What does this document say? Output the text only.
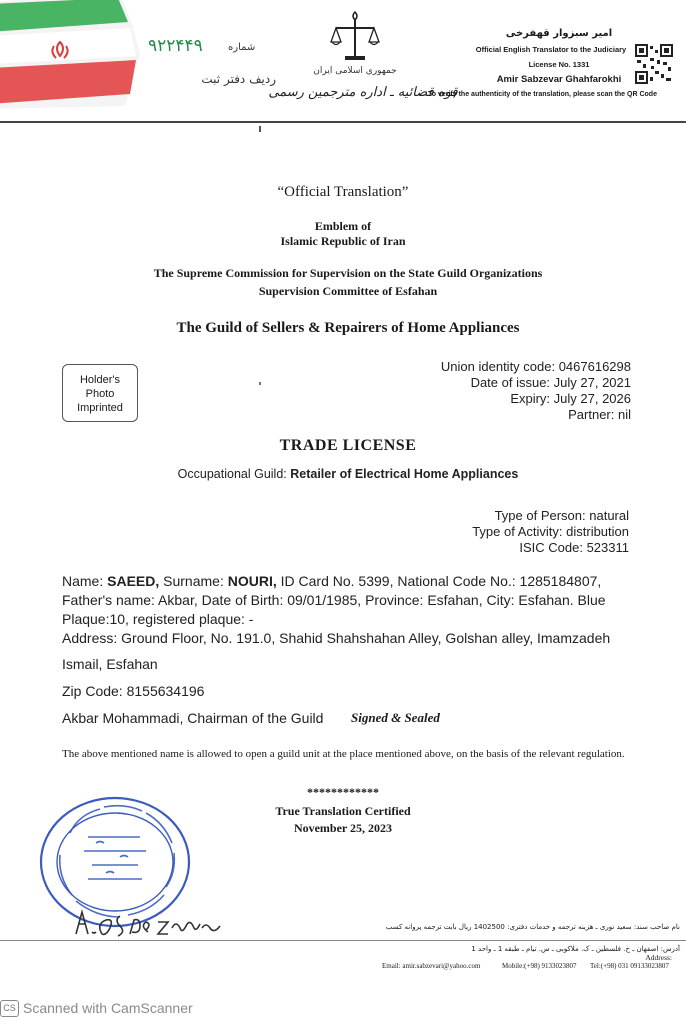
۹۲۲۴۴۹	شماره
ردیف دفتر ثبت
جمهوری اسلامی ایران
قوه قضائیه ـ اداره مترجمین رسمی
امیر سبزوار قهفرخی
Official English Translator to the Judiciary
License No. 1331
Amir Sabzevar Ghahfarokhi
To verify the authenticity of the translation, please scan the QR Code
“Official Translation”
Emblem of
Islamic Republic of Iran
The Supreme Commission for Supervision on the State Guild Organizations
Supervision Committee of Esfahan
The Guild of Sellers & Repairers of Home Appliances
Union identity code: 0467616298
Date of issue: July 27, 2021
Expiry: July 27, 2026
Partner: nil
Holder's
Photo
Imprinted
TRADE LICENSE
Occupational Guild: Retailer of Electrical Home Appliances
Type of Person: natural
Type of Activity: distribution
ISIC Code: 523311
Name: SAEED, Surname: NOURI, ID Card No. 5399, National Code No.: 1285184807,
Father's name: Akbar, Date of Birth: 09/01/1985, Province: Esfahan, City: Esfahan. Blue
Plaque:10, registered plaque: -
Address: Ground Floor, No. 191.0, Shahid Shahshahan Alley, Golshan alley, Imamzadeh
Ismail, Esfahan
Zip Code: 8155634196
Akbar Mohammadi, Chairman of the Guild	Signed & Sealed
The above mentioned name is allowed to open a guild unit at the place mentioned above, on the basis of the relevant regulation.
************
True Translation Certified
November 25, 2023
نام صاحب سند: سعید نوری ـ هزینه ترجمه و خدمات دفتری: 1402500 ریال بابت ترجمه پروانه کسب
آدرس: اصفهان ـ خ. فلسطین ـ ک. ملاکوبی ـ س. تیام ـ طبقه 1 ـ واحد 1
Address:
Email: amir.sabzevari@yahoo.com	Mobile:(+98) 9133023807 Tel:(+98) 031 09133023807
CS Scanned with CamScanner
